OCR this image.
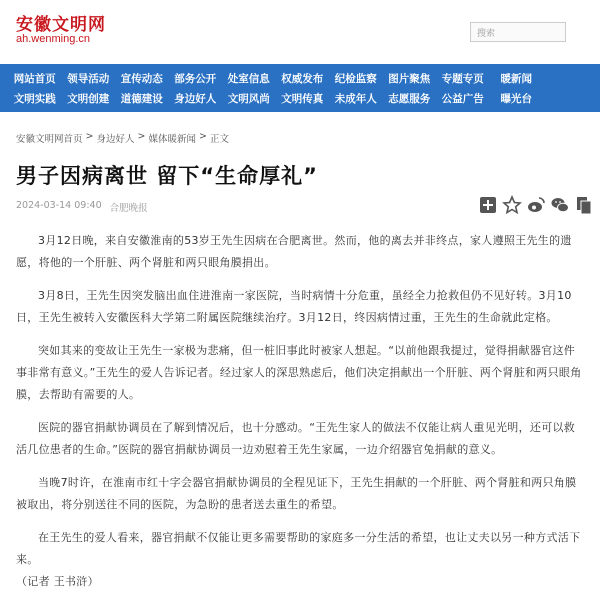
安徽文明网
ah.wenming.cn	搜索
网站首页	领导活动	宣传动态	部务公开	处室信息	权威发布	纪检监察	图片聚焦	专题专页	暖新闻
文明实践	文明创建	道德建设	身边好人	文明风尚	文明传真	未成年人	志愿服务	公益广告	曝光台
安徽文明网首页 > 身边好人 > 媒体暖新闻 > 正文
男子因病离世 留下“生命厚礼”
2024-03-14 09:40 合肥晚报

3月12日晚，来自安徽淮南的53岁王先生因病在合肥离世。然而，他的离去并非终点，家人遵照王先生的遗愿，将他的一个肝脏、两个肾脏和两只眼角膜捐出。

3月8日，王先生因突发脑出血住进淮南一家医院，当时病情十分危重，虽经全力抢救但仍不见好转。3月10日，王先生被转入安徽医科大学第二附属医院继续治疗。3月12日，终因病情过重，王先生的生命就此定格。

突如其来的变故让王先生一家极为悲痛，但一桩旧事此时被家人想起。“以前他跟我提过，觉得捐献器官这件事非常有意义。”王先生的爱人告诉记者。经过家人的深思熟虑后，他们决定捐献出一个肝脏、两个肾脏和两只眼角膜，去帮助有需要的人。

医院的器官捐献协调员在了解到情况后，也十分感动。“王先生家人的做法不仅能让病人重见光明，还可以救活几位患者的生命。”医院的器官捐献协调员一边劝慰着王先生家属，一边介绍器官兔捐献的意义。

当晚7时许，在淮南市红十字会器官捐献协调员的全程见证下，王先生捐献的一个肝脏、两个肾脏和两只角膜被取出，将分别送往不同的医院，为急盼的患者送去重生的希望。

在王先生的爱人看来，器官捐献不仅能让更多需要帮助的家庭多一分生活的希望，也让丈夫以另一种方式活下来。

（记者 王书浒）
